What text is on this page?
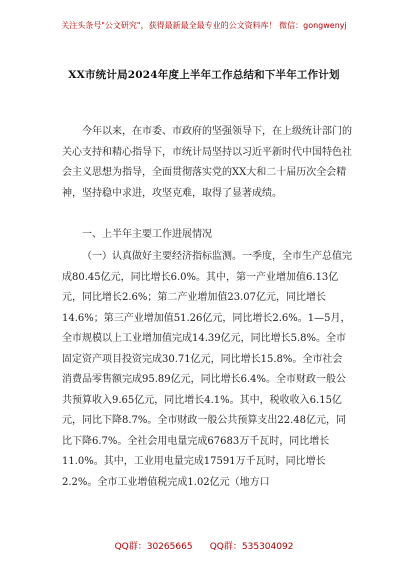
关注头条号"公文研究"，获得最新最全最专业的公文资料库！ 微信：gongwenyj
XX市统计局2024年度上半年工作总结和下半年工作计划

今年以来，在市委、市政府的坚强领导下，在上级统计部门的关心支持和精心指导下，市统计局坚持以习近平新时代中国特色社会主义思想为指导，全面贯彻落实党的XX大和二十届历次全会精神，坚持稳中求进，攻坚克难，取得了显著成绩。

一、上半年主要工作进展情况

（一）认真做好主要经济指标监测。一季度，全市生产总值完成80.45亿元，同比增长6.0%。其中，第一产业增加值6.13亿元，同比增长2.6%；第二产业增加值23.07亿元，同比增长14.6%；第三产业增加值51.26亿元，同比增长2.6%。1—5月，全市规模以上工业增加值完成14.39亿元，同比增长5.8%。全市固定资产项目投资完成30.71亿元，同比增长15.8%。全市社会消费品零售额完成95.89亿元，同比增长6.4%。全市财政一般公共预算收入9.65亿元，同比增长4.1%。其中，税收收入6.15亿元，同比下降8.7%。全市财政一般公共预算支出22.48亿元，同比下降6.7%。全社会用电量完成67683万千瓦时，同比增长11.0%。其中，工业用电量完成17591万千瓦时，同比增长2.2%。全市工业增值税完成1.02亿元（地方口

QQ群：30265665 QQ群：535304092
